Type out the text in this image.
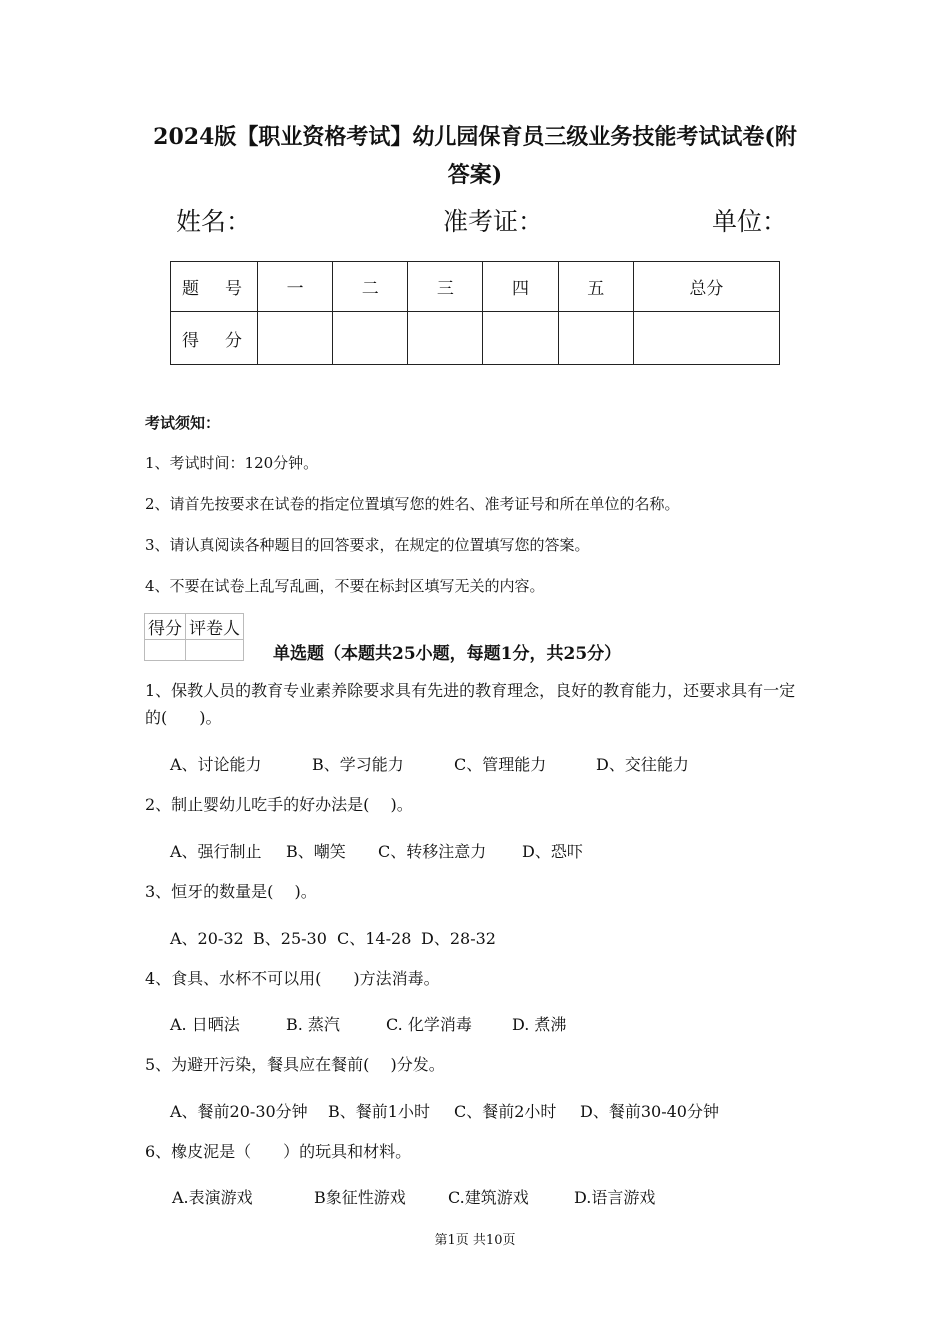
2024版【职业资格考试】幼儿园保育员三级业务技能考试试卷(附
答案)
姓名：	准考证：	单位：
题 号	一	二	三	四	五	总分
得 分						
考试须知：
1、考试时间：120分钟。
2、请首先按要求在试卷的指定位置填写您的姓名、准考证号和所在单位的名称。
3、请认真阅读各种题目的回答要求，在规定的位置填写您的答案。
4、不要在试卷上乱写乱画，不要在标封区填写无关的内容。
得分	评卷人

单选题（本题共25小题，每题1分，共25分）
1、保教人员的教育专业素养除要求具有先进的教育理念，良好的教育能力，还要求具有一定的(　　)。
A、讨论能力	B、学习能力	C、管理能力	D、交往能力
2、制止婴幼儿吃手的好办法是(　 )。
A、强行制止 B、嘲笑 C、转移注意力 D、恐吓
3、恒牙的数量是(　 )。
A、20-32 B、25-30 C、14-28 D、28-32
4、食具、水杯不可以用(　　)方法消毒。
A. 日晒法	B. 蒸汽	C. 化学消毒	D. 煮沸
5、为避开污染，餐具应在餐前(　 )分发。
A、餐前20-30分钟 B、餐前1小时 C、餐前2小时 D、餐前30-40分钟
6、橡皮泥是（　　）的玩具和材料。
A.表演游戏	B象征性游戏	C.建筑游戏	D.语言游戏
第1页 共10页
